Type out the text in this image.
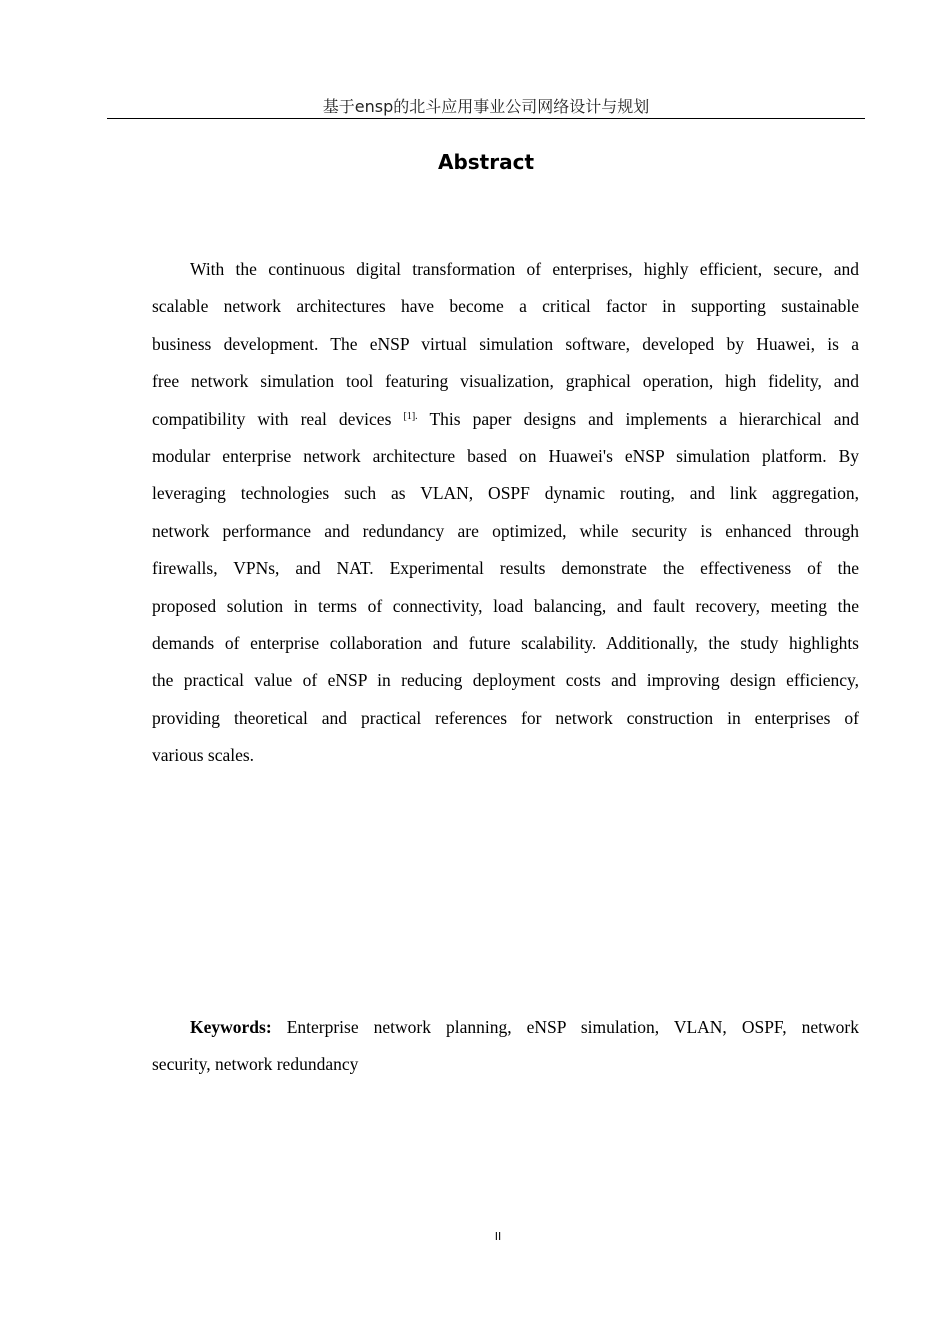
基于ensp的北斗应用事业公司网络设计与规划
Abstract
With the continuous digital transformation of enterprises, highly efficient, secure, and
scalable network architectures have become a critical factor in supporting sustainable
business development. The eNSP virtual simulation software, developed by Huawei, is a
free network simulation tool featuring visualization, graphical operation, high fidelity, and
compatibility with real devices $^{[1].}$ This paper designs and implements a hierarchical and
modular enterprise network architecture based on Huawei's eNSP simulation platform. By
leveraging technologies such as VLAN, OSPF dynamic routing, and link aggregation,
network performance and redundancy are optimized, while security is enhanced through
firewalls, VPNs, and NAT. Experimental results demonstrate the effectiveness of the
proposed solution in terms of connectivity, load balancing, and fault recovery, meeting the
demands of enterprise collaboration and future scalability. Additionally, the study highlights
the practical value of eNSP in reducing deployment costs and improving design efficiency,
providing theoretical and practical references for network construction in enterprises of
various scales.
Keywords: Enterprise network planning, eNSP simulation, VLAN, OSPF, network
security, network redundancy
II
